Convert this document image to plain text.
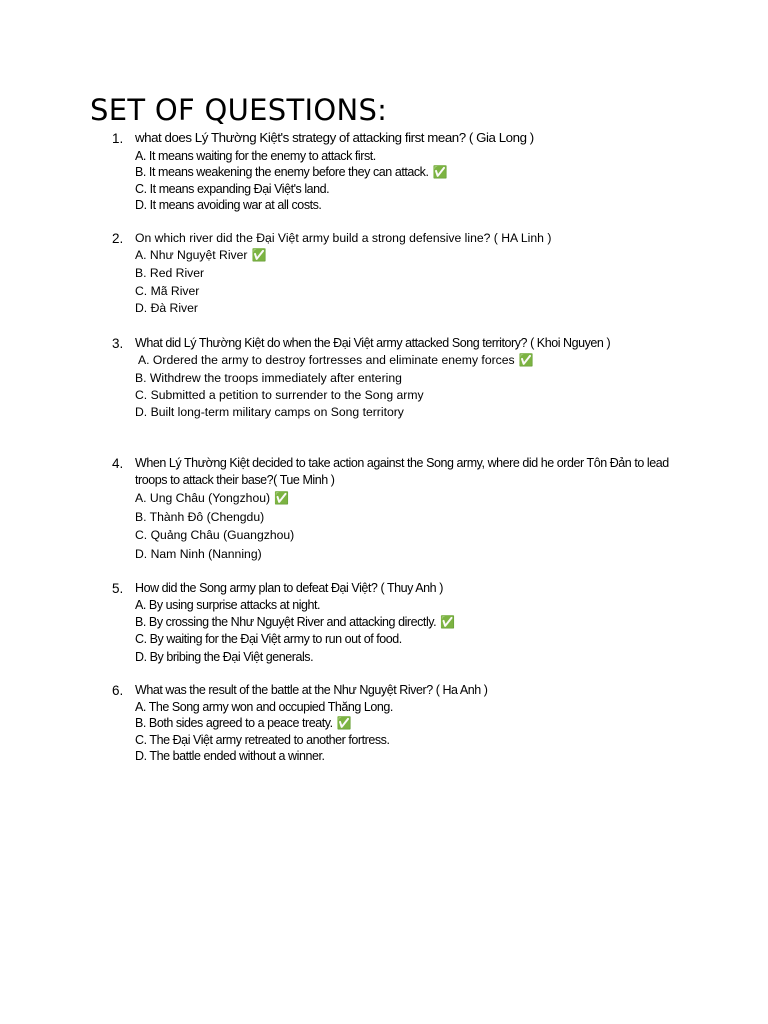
SET OF QUESTIONS:
1. what does Lý Thường Kiệt's strategy of attacking first mean? ( Gia Long )
A. It means waiting for the enemy to attack first.
B. It means weakening the enemy before they can attack. ✅
C. It means expanding Đại Việt's land.
D. It means avoiding war at all costs.
2. On which river did the Đại Việt army build a strong defensive line? ( HA Linh )
A. Như Nguyệt River ✅
B. Red River
C. Mã River
D. Đà River
3. What did Lý Thường Kiệt do when the Đại Việt army attacked Song territory? ( Khoi Nguyen )
A. Ordered the army to destroy fortresses and eliminate enemy forces ✅
B. Withdrew the troops immediately after entering
C. Submitted a petition to surrender to the Song army
D. Built long-term military camps on Song territory
4. When Lý Thường Kiệt decided to take action against the Song army, where did he order Tôn Đản to lead troops to attack their base?( Tue Minh )
A. Ung Châu (Yongzhou) ✅
B. Thành Đô (Chengdu)
C. Quảng Châu (Guangzhou)
D. Nam Ninh (Nanning)
5. How did the Song army plan to defeat Đại Việt? ( Thuy Anh )
A. By using surprise attacks at night.
B. By crossing the Như Nguyệt River and attacking directly. ✅
C. By waiting for the Đại Việt army to run out of food.
D. By bribing the Đại Việt generals.
6. What was the result of the battle at the Như Nguyệt River? ( Ha Anh )
A. The Song army won and occupied Thăng Long.
B. Both sides agreed to a peace treaty. ✅
C. The Đại Việt army retreated to another fortress.
D. The battle ended without a winner.
